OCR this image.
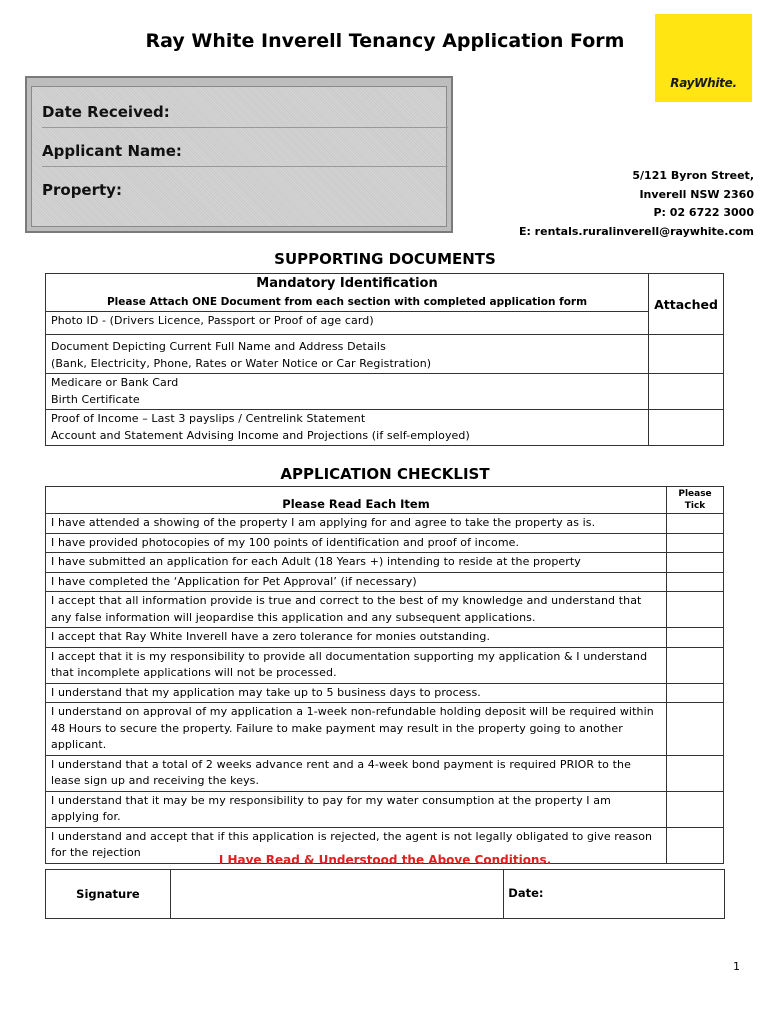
Ray White Inverell Tenancy Application Form
RayWhite.
Date Received:
Applicant Name:
Property:
5/121 Byron Street,
Inverell NSW 2360
P: 02 6722 3000
E: rentals.ruralinverell@raywhite.com
SUPPORTING DOCUMENTS
Mandatory Identification
Please Attach ONE Document from each section with completed application form	Attached

Photo ID - (Drivers Licence, Passport or Proof of age card)	

Document Depicting Current Full Name and Address Details
(Bank, Electricity, Phone, Rates or Water Notice or Car Registration)	

Medicare or Bank Card
Birth Certificate	

Proof of Income – Last 3 payslips / Centrelink Statement
Account and Statement Advising Income and Projections (if self-employed)	

APPLICATION CHECKLIST
Please Read Each Item	Please
Tick

I have attended a showing of the property I am applying for and agree to take the property as is.	

I have provided photocopies of my 100 points of identification and proof of income.	

I have submitted an application for each Adult (18 Years +) intending to reside at the property	

I have completed the ‘Application for Pet Approval’ (if necessary)	

I accept that all information provide is true and correct to the best of my knowledge and understand that any false information will jeopardise this application and any subsequent applications.	

I accept that Ray White Inverell have a zero tolerance for monies outstanding.	

I accept that it is my responsibility to provide all documentation supporting my application & I understand that incomplete applications will not be processed.	

I understand that my application may take up to 5 business days to process.	

I understand on approval of my application a 1-week non-refundable holding deposit will be required within 48 Hours to secure the property. Failure to make payment may result in the property going to another applicant.	

I understand that a total of 2 weeks advance rent and a 4-week bond payment is required PRIOR to the lease sign up and receiving the keys.	

I understand that it may be my responsibility to pay for my water consumption at the property I am applying for.	

I understand and accept that if this application is rejected, the agent is not legally obligated to give reason for the rejection	

I Have Read & Understood the Above Conditions.
Signature		Date:
1
